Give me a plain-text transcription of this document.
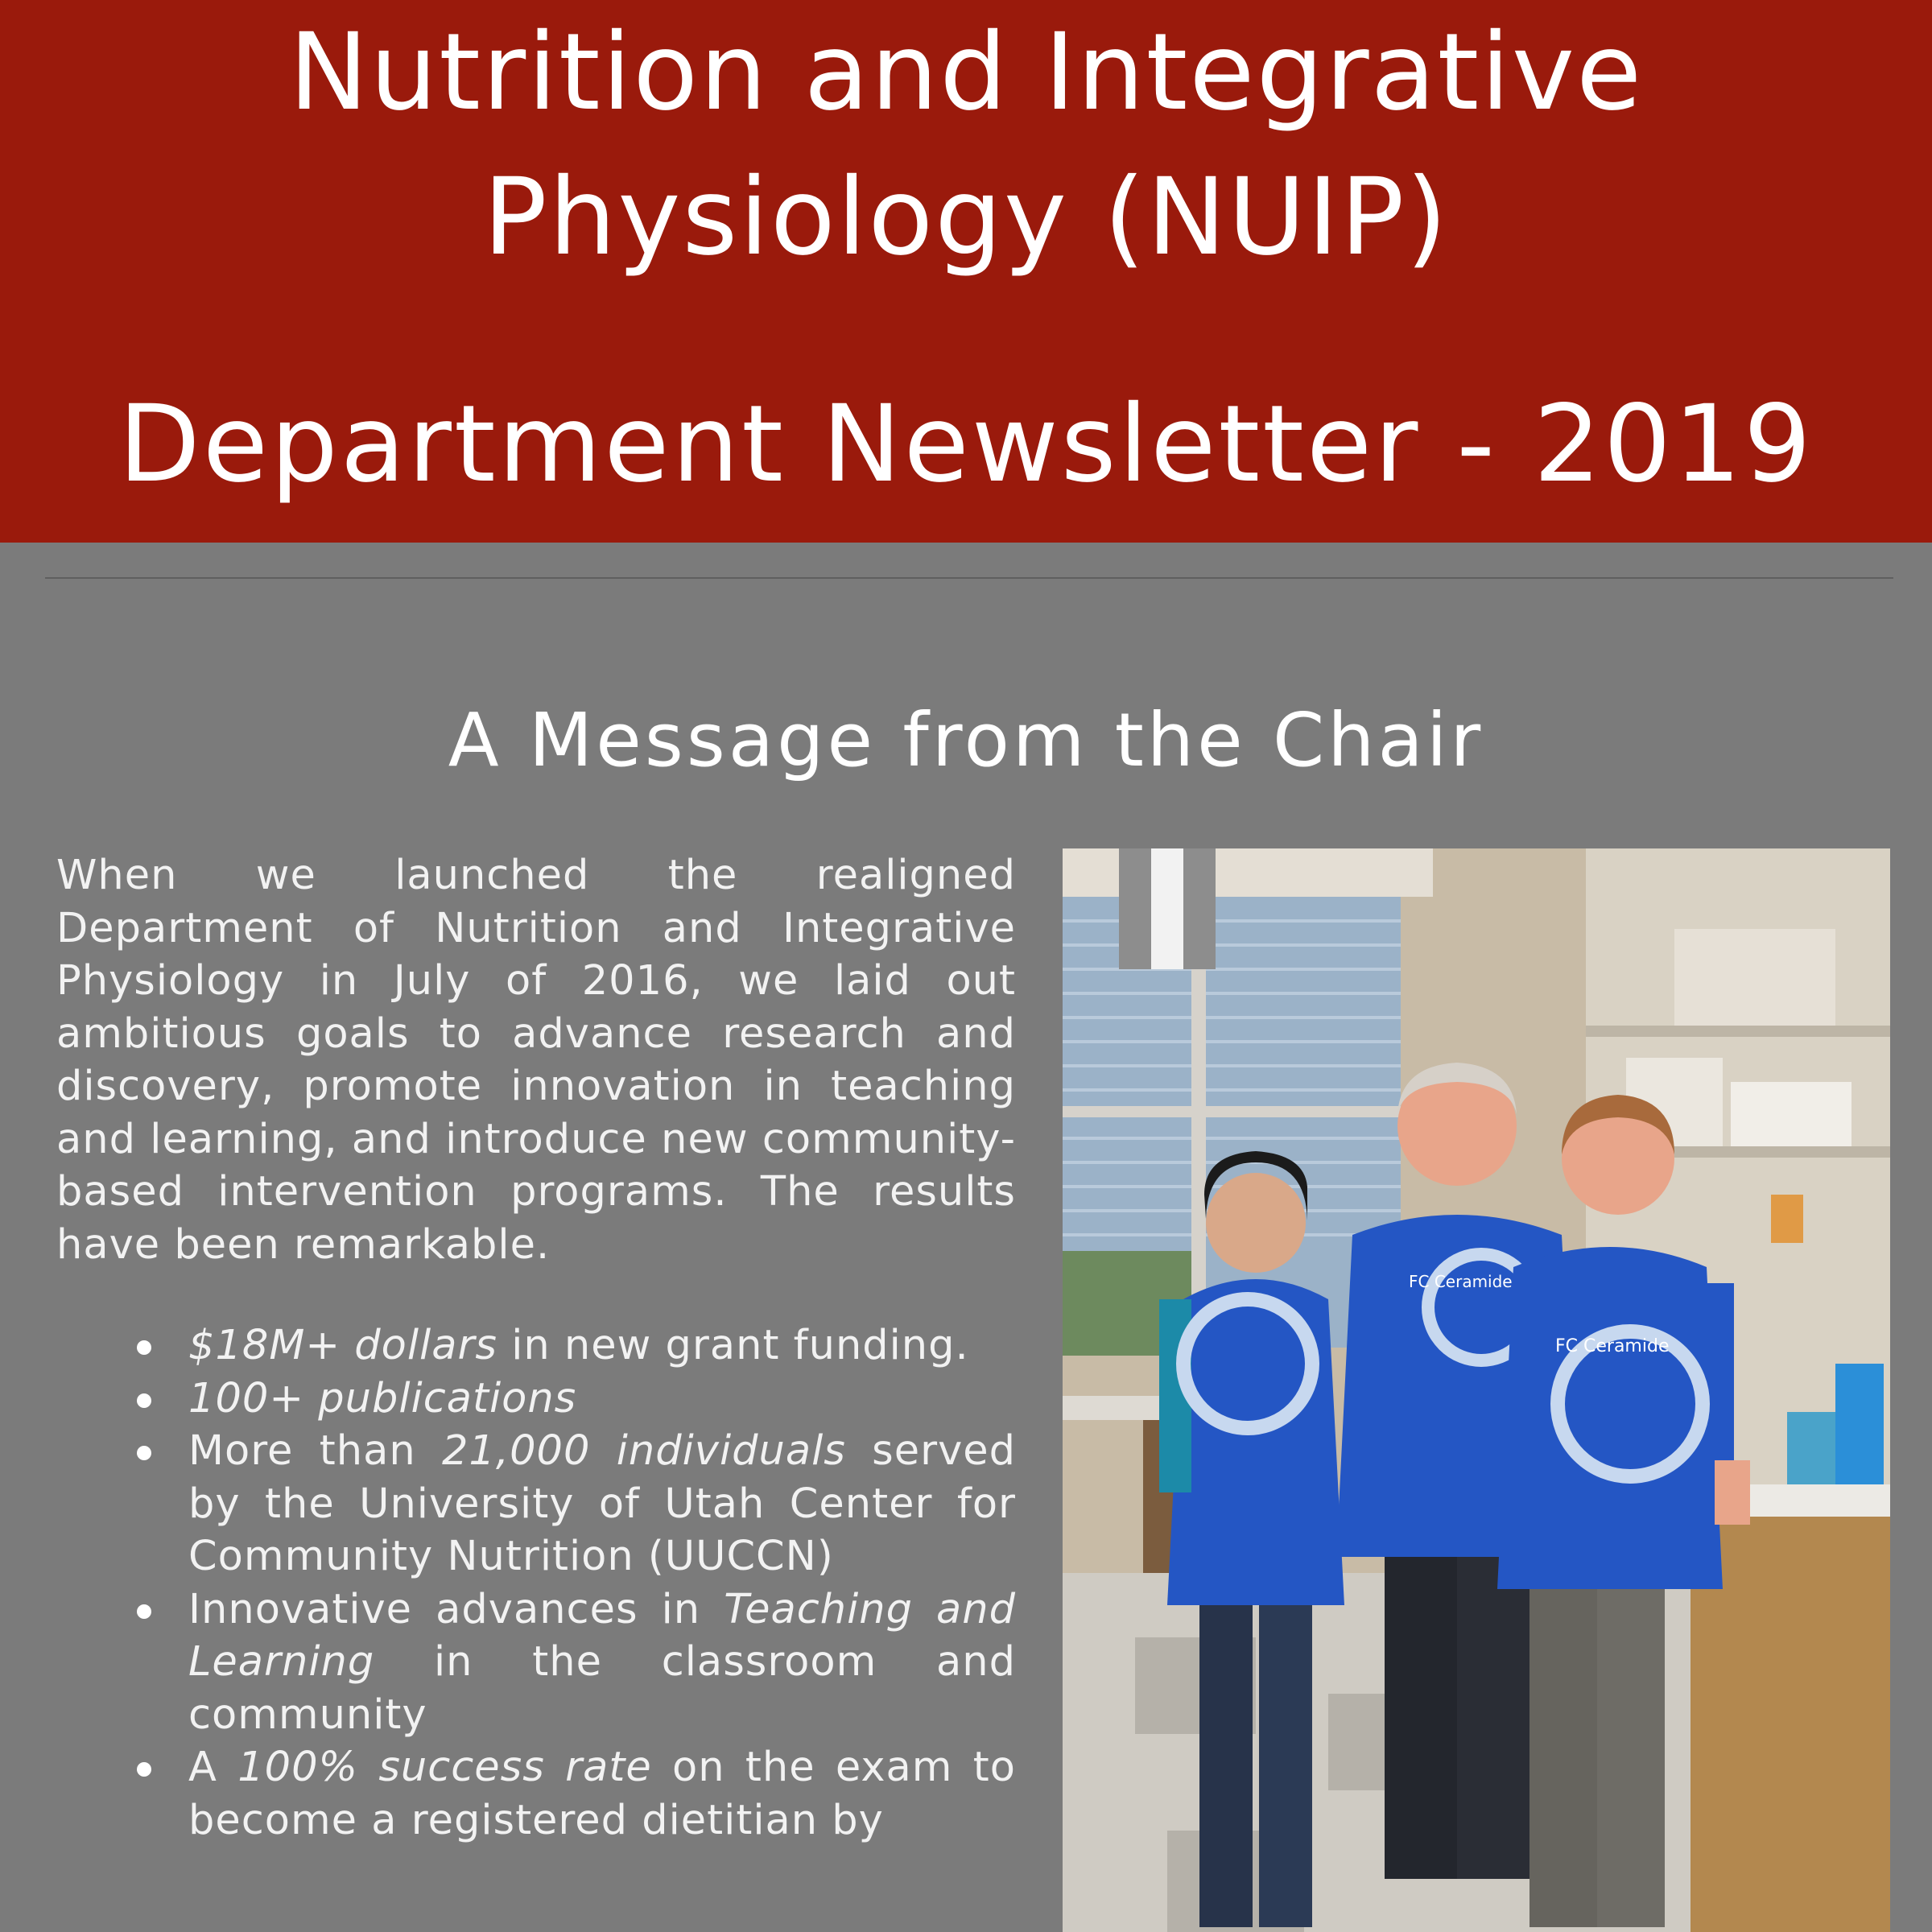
Nutrition and Integrative
Physiology (NUIP)
Department Newsletter - 2019
A Message from the Chair

When we launched the realigned Department of Nutrition and Integrative Physiology in July of 2016, we laid out ambitious goals to advance research and discovery, promote innovation in teaching and learning, and introduce new community-based intervention programs. The results have been remarkable.

$18M+ dollars in new grant funding.
100+ publications
More than 21,000 individuals served by the University of Utah Center for Community Nutrition (UUCCN)
Innovative advances in Teaching and Learning in the classroom and community
A 100% success rate on the exam to become a registered dietitian by
FC Ceramide
FC Ceramide
